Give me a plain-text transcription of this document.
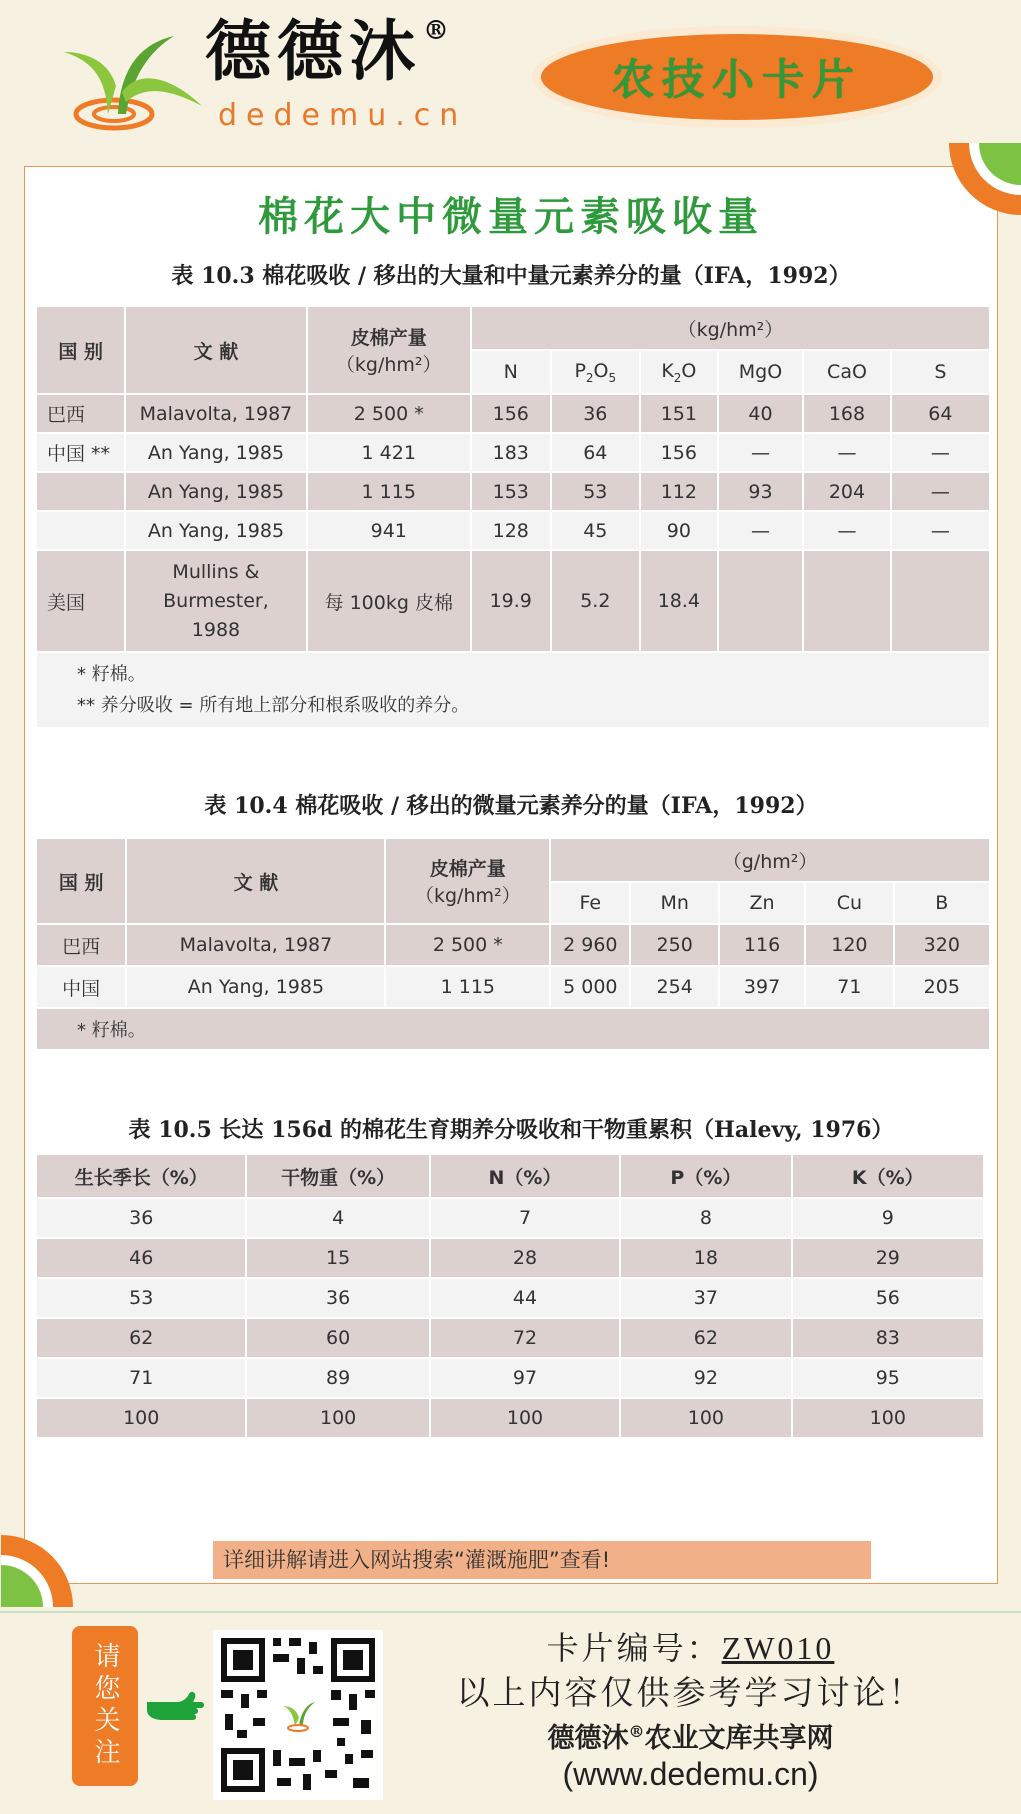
德德沐®
dedemu.cn
农技小卡片
棉花大中微量元素吸收量
表 10.3 棉花吸收 / 移出的大量和中量元素养分的量（IFA，1992）
国 别	文 献	皮棉产量
（kg/hm²）	（kg/hm²）					
			N	$P_2O_5$	$K_2O$	MgO	CaO	S
巴西	Malavolta, 1987	2 500 *	156	36	151	40	168	64
中国 **	An Yang, 1985	1 421	183	64	156	—	—	—
	An Yang, 1985	1 115	153	53	112	93	204	—
	An Yang, 1985	941	128	45	90	—	—	—
美国	Mullins &
Burmester,
1988	每 100kg 皮棉	19.9	5.2	18.4			

* 籽棉。
** 养分吸收 = 所有地上部分和根系吸收的养分。								
表 10.4 棉花吸收 / 移出的微量元素养分的量（IFA，1992）
国 别	文 献	皮棉产量
（kg/hm²）	（g/hm²）				
			Fe	Mn	Zn	Cu	B
巴西	Malavolta, 1987	2 500 *	2 960	250	116	120	320
中国	An Yang, 1985	1 115	5 000	254	397	71	205

* 籽棉。							
表 10.5 长达 156d 的棉花生育期养分吸收和干物重累积（Halevy, 1976）
生长季长（%）	干物重（%）	N（%）	P（%）	K（%）
36	4	7	8	9
46	15	28	18	29
53	36	44	37	56
62	60	72	62	83
71	89	97	92	95
100	100	100	100	100
详细讲解请进入网站搜索“灌溉施肥”查看!
请您关注	卡片编号：ZW010
以上内容仅供参考学习讨论！
德德沐®农业文库共享网
(www.dedemu.cn)
